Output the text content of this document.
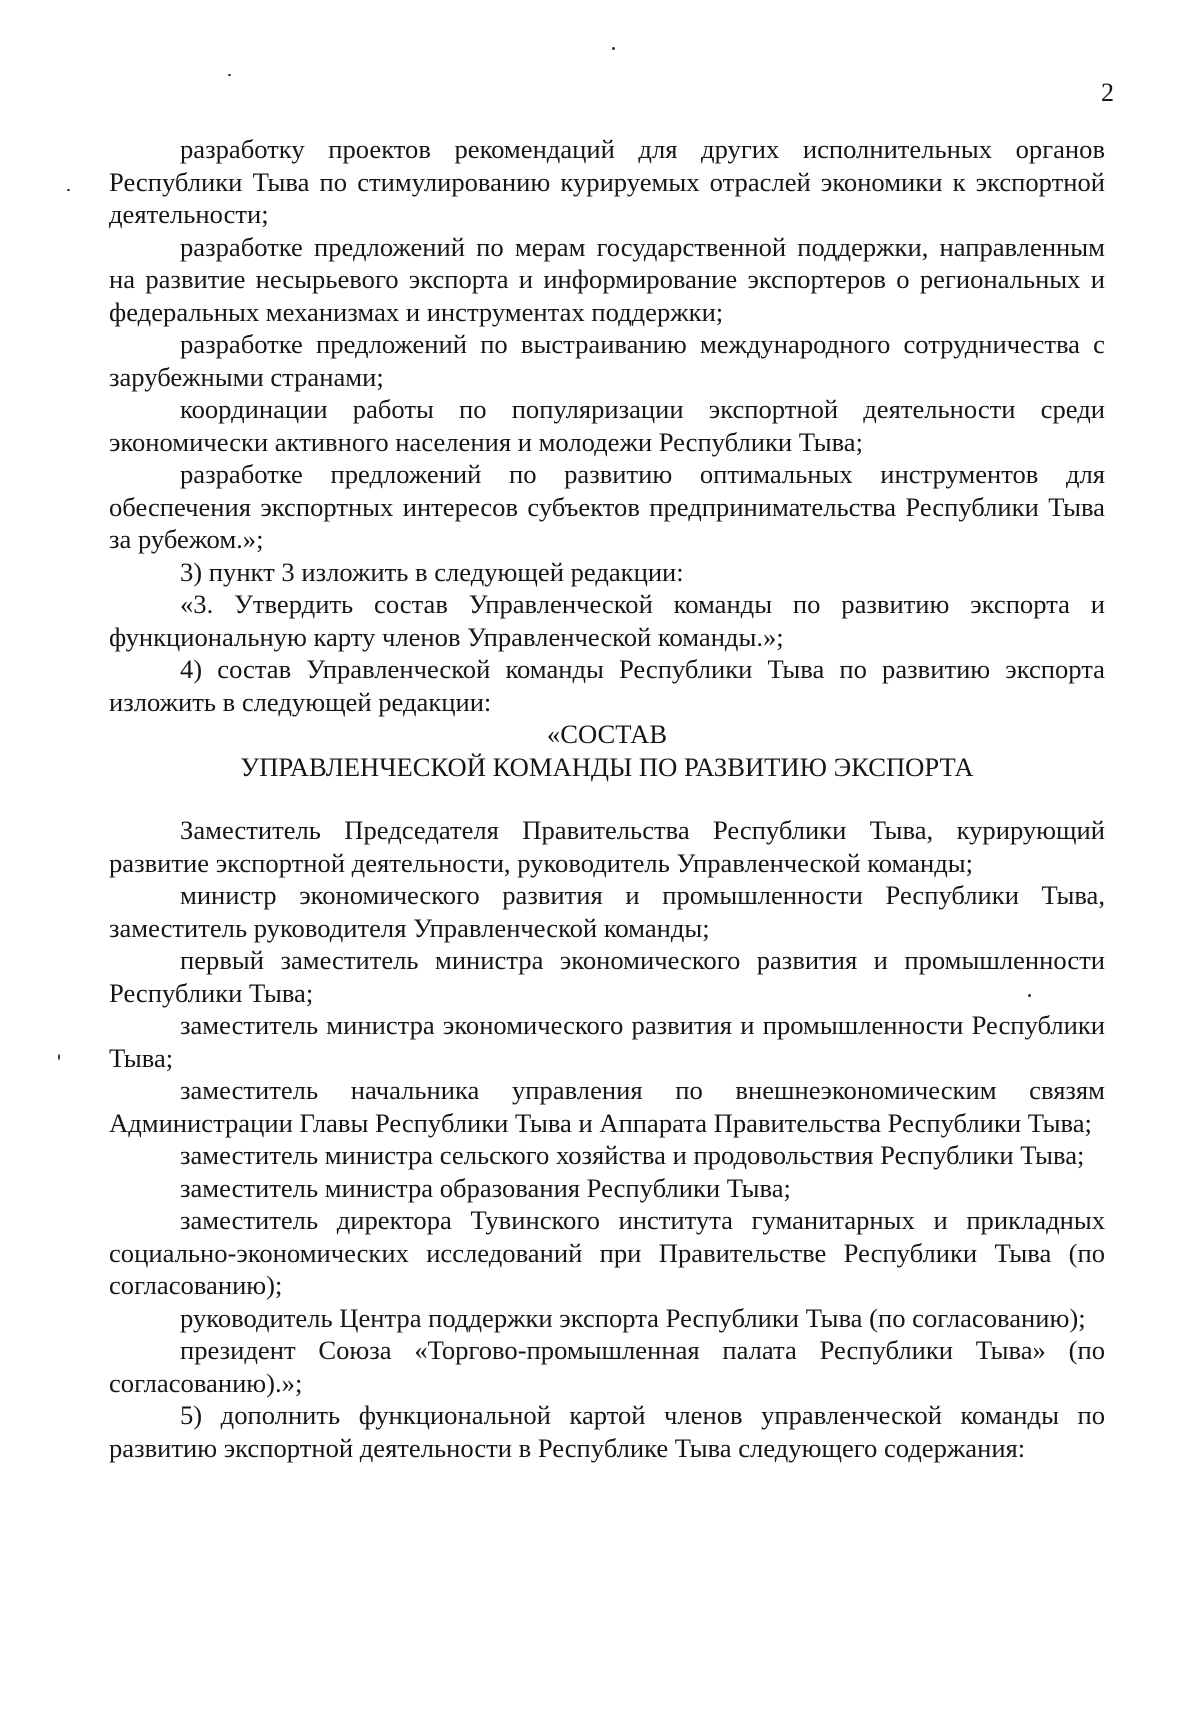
2

разработку проектов рекомендаций для других исполнительных органов Республики Тыва по стимулированию курируемых отраслей экономики к экспортной деятельности;

разработке предложений по мерам государственной поддержки, направленным на развитие несырьевого экспорта и информирование экспортеров о региональных и федеральных механизмах и инструментах поддержки;

разработке предложений по выстраиванию международного сотрудничества с зарубежными странами;

координации работы по популяризации экспортной деятельности среди экономически активного населения и молодежи Республики Тыва;

разработке предложений по развитию оптимальных инструментов для обеспечения экспортных интересов субъектов предпринимательства Республики Тыва за рубежом.»;

3) пункт 3 изложить в следующей редакции:

«3. Утвердить состав Управленческой команды по развитию экспорта и функциональную карту членов Управленческой команды.»;

4) состав Управленческой команды Республики Тыва по развитию экспорта изложить в следующей редакции:

«СОСТАВ
УПРАВЛЕНЧЕСКОЙ КОМАНДЫ ПО РАЗВИТИЮ ЭКСПОРТА

Заместитель Председателя Правительства Республики Тыва, курирующий развитие экспортной деятельности, руководитель Управленческой команды;

министр экономического развития и промышленности Республики Тыва, заместитель руководителя Управленческой команды;

первый заместитель министра экономического развития и промышленности Республики Тыва;

заместитель министра экономического развития и промышленности Республики Тыва;

заместитель начальника управления по внешнеэкономическим связям Администрации Главы Республики Тыва и Аппарата Правительства Республики Тыва;

заместитель министра сельского хозяйства и продовольствия Республики Тыва;

заместитель министра образования Республики Тыва;

заместитель директора Тувинского института гуманитарных и прикладных социально-экономических исследований при Правительстве Республики Тыва (по согласованию);

руководитель Центра поддержки экспорта Республики Тыва (по согласованию);

президент Союза «Торгово-промышленная палата Республики Тыва» (по согласованию).»;

5) дополнить функциональной картой членов управленческой команды по развитию экспортной деятельности в Республике Тыва следующего содержания:
